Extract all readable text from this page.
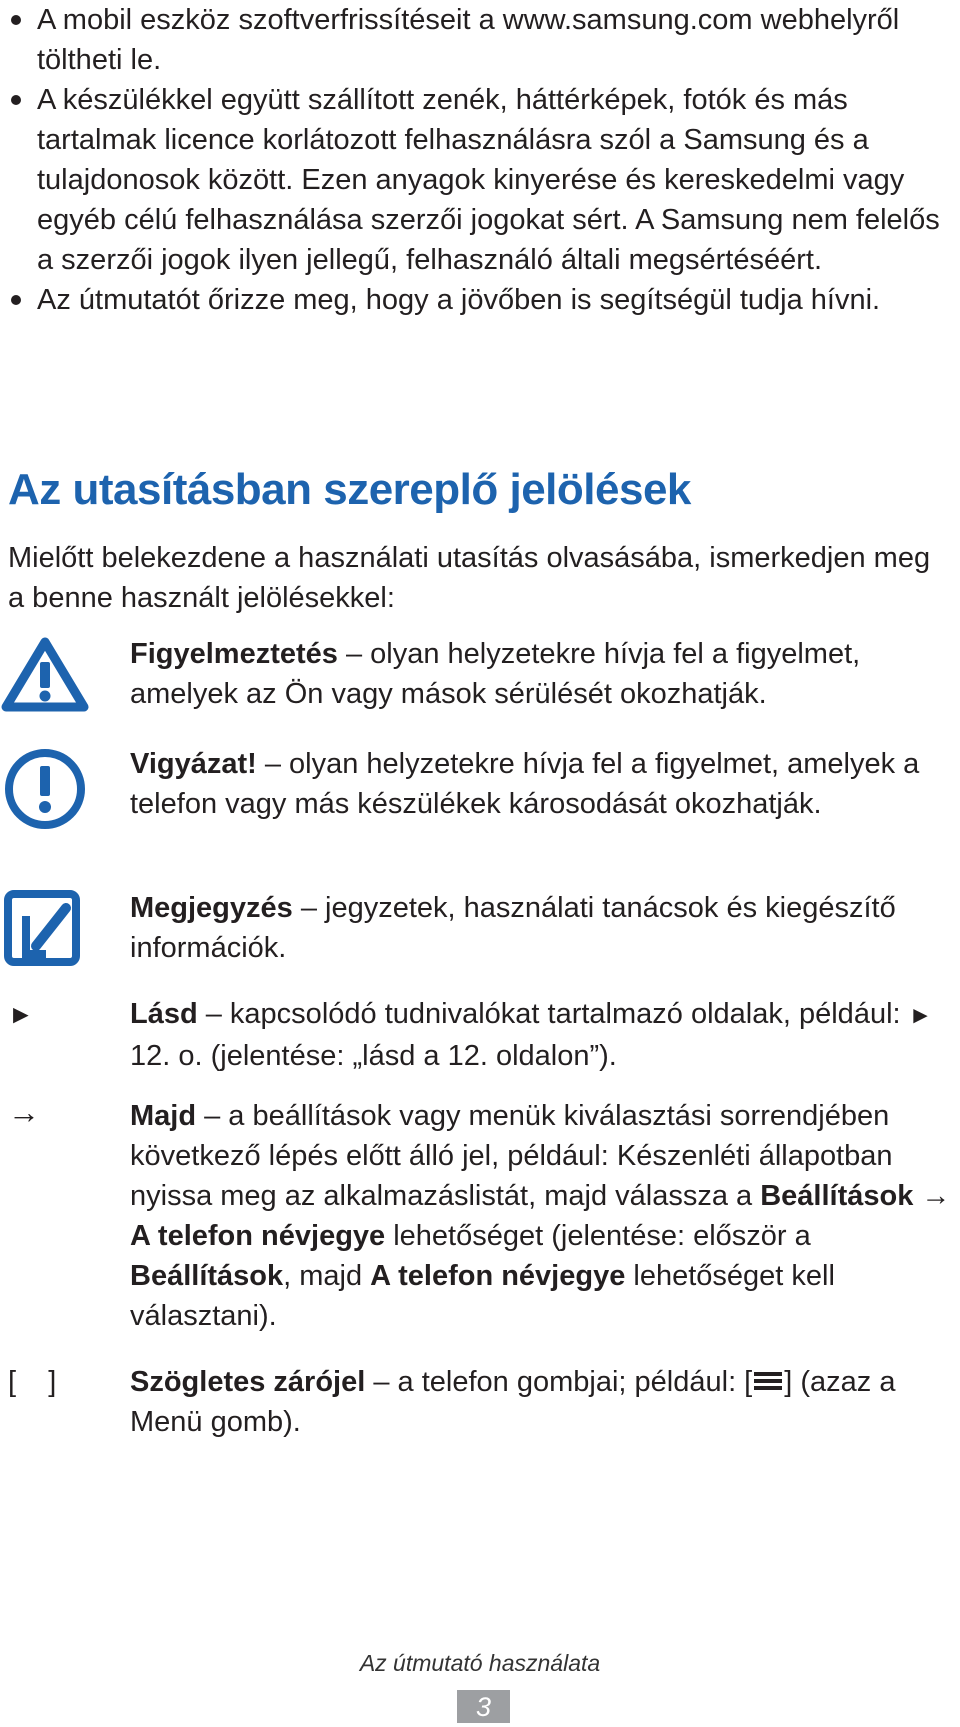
A mobil eszköz szoftverfrissítéseit a www.samsung.com webhelyről töltheti le.
A készülékkel együtt szállított zenék, háttérképek, fotók és más tartalmak licence korlátozott felhasználásra szól a Samsung és a tulajdonosok között. Ezen anyagok kinyerése és kereskedelmi vagy egyéb célú felhasználása szerzői jogokat sért. A Samsung nem felelős a szerzői jogok ilyen jellegű, felhasználó általi megsértéséért.
Az útmutatót őrizze meg, hogy a jövőben is segítségül tudja hívni.
Az utasításban szereplő jelölések
Mielőtt belekezdene a használati utasítás olvasásába, ismerkedjen meg a benne használt jelölésekkel:
Figyelmeztetés – olyan helyzetekre hívja fel a figyelmet, amelyek az Ön vagy mások sérülését okozhatják.
Vigyázat! – olyan helyzetekre hívja fel a figyelmet, amelyek a telefon vagy más készülékek károsodását okozhatják.
Megjegyzés – jegyzetek, használati tanácsok és kiegészítő információk.
►	Lásd – kapcsolódó tudnivalókat tartalmazó oldalak, például: ► 12. o. (jelentése: „lásd a 12. oldalon”).
→	Majd – a beállítások vagy menük kiválasztási sorrendjében következő lépés előtt álló jel, például: Készenléti állapotban nyissa meg az alkalmazáslistát, majd válassza a Beállítások → A telefon névjegye lehetőséget (jelentése: először a Beállítások, majd A telefon névjegye lehetőséget kell választani).
[    ]	Szögletes zárójel – a telefon gombjai; például: [ ] (azaz a Menü gomb).
Az útmutató használata
3
